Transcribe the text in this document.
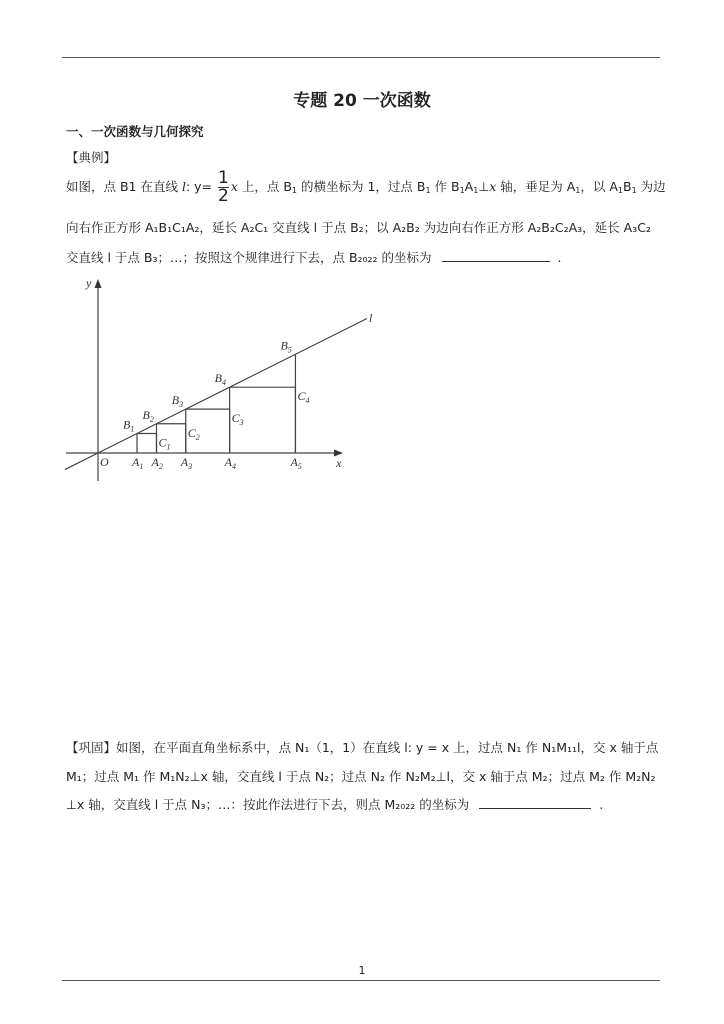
专题 20 一次函数
一、一次函数与几何探究
【典例】
如图，点 B1 在直线 l: $y= \frac{1}{2}$ x 上，点 $B_1$ 的横坐标为 1，过点 $B_1$ 作 $B_1A_1\perp x$ 轴，垂足为 $A_1$，以 $A_1B_1$ 为边
向右作正方形 A₁B₁C₁A₂，延长 A₂C₁ 交直线 l 于点 B₂；以 A₂B₂ 为边向右作正方形 A₂B₂C₂A₃，延长 A₃C₂
交直线 l 于点 B₃；…；按照这个规律进行下去，点 B₂₀₂₂ 的坐标为	.
$A_1$ $A_2$ $A_3$	$A_4$	$A_5$
$B_1$
$B_2$
$B_3$
$B_4$
$B_5$
$C_1$
$C_2$
$C_3$
$C_4$
O	x
y
l
【巩固】如图，在平面直角坐标系中，点 N₁（1，1）在直线 l: y = x 上，过点 N₁ 作 N₁M₁₁l，交 x 轴于点
M₁；过点 M₁ 作 M₁N₂⊥x 轴，交直线 l 于点 N₂；过点 N₂ 作 N₂M₂⊥l，交 x 轴于点 M₂；过点 M₂ 作 M₂N₂
⊥x 轴，交直线 l 于点 N₃；…：按此作法进行下去，则点 M₂₀₂₂ 的坐标为	.
1
